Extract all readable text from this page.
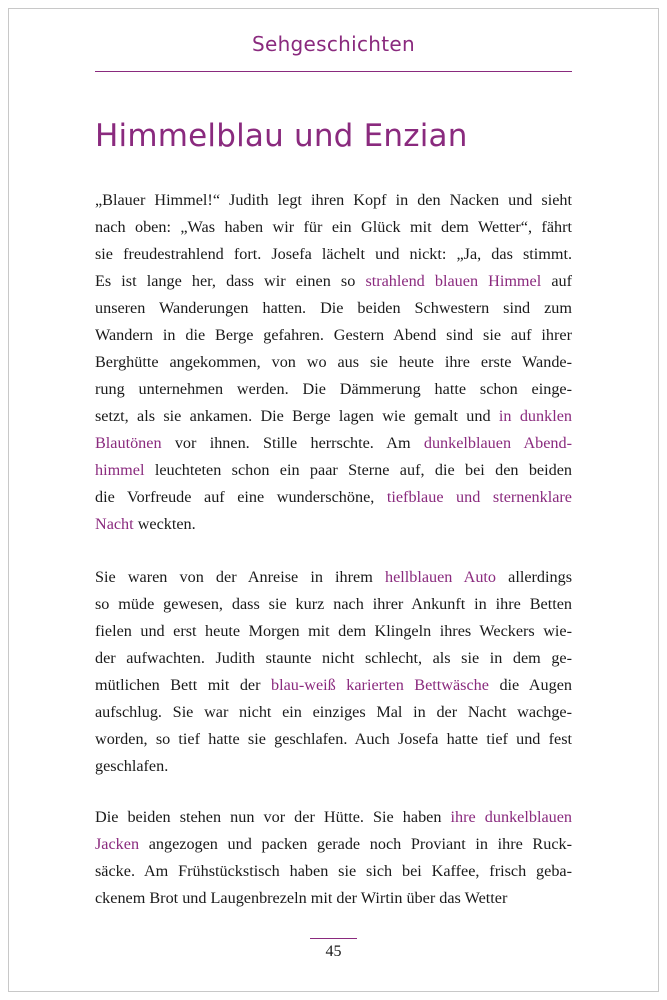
Sehgeschichten
Himmelblau und Enzian
„Blauer Himmel!“ Judith legt ihren Kopf in den Nacken und sieht
nach oben: „Was haben wir für ein Glück mit dem Wetter“, fährt
sie freudestrahlend fort. Josefa lächelt und nickt: „Ja, das stimmt.
Es ist lange her, dass wir einen so strahlend blauen Himmel auf
unseren Wanderungen hatten. Die beiden Schwestern sind zum
Wandern in die Berge gefahren. Gestern Abend sind sie auf ihrer
Berghütte angekommen, von wo aus sie heute ihre erste Wande-
rung unternehmen werden. Die Dämmerung hatte schon einge-
setzt, als sie ankamen. Die Berge lagen wie gemalt und in dunklen
Blautönen vor ihnen. Stille herrschte. Am dunkelblauen Abend-
himmel leuchteten schon ein paar Sterne auf, die bei den beiden
die Vorfreude auf eine wunderschöne, tiefblaue und sternenklare
Nacht weckten.
Sie waren von der Anreise in ihrem hellblauen Auto allerdings
so müde gewesen, dass sie kurz nach ihrer Ankunft in ihre Betten
fielen und erst heute Morgen mit dem Klingeln ihres Weckers wie-
der aufwachten. Judith staunte nicht schlecht, als sie in dem ge-
mütlichen Bett mit der blau-weiß karierten Bettwäsche die Augen
aufschlug. Sie war nicht ein einziges Mal in der Nacht wachge-
worden, so tief hatte sie geschlafen. Auch Josefa hatte tief und fest
geschlafen.
Die beiden stehen nun vor der Hütte. Sie haben ihre dunkelblauen
Jacken angezogen und packen gerade noch Proviant in ihre Ruck-
säcke. Am Frühstückstisch haben sie sich bei Kaffee, frisch geba-
ckenem Brot und Laugenbrezeln mit der Wirtin über das Wetter
45
